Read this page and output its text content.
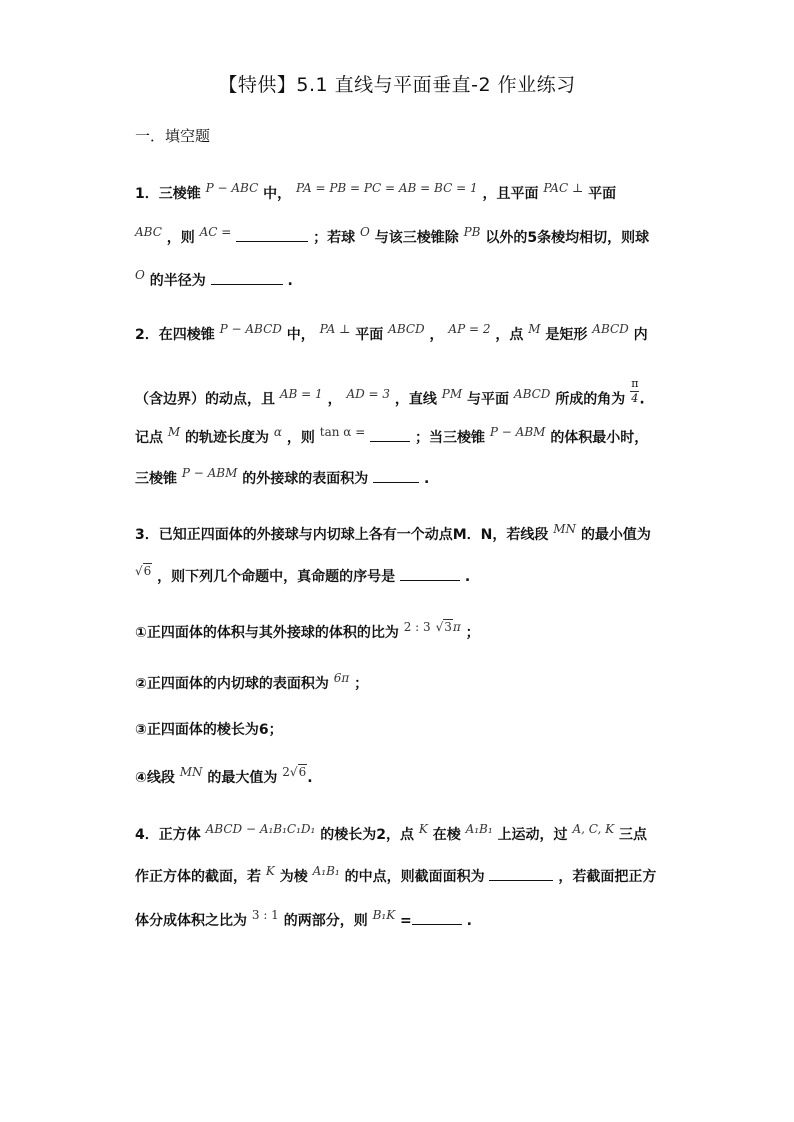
【特供】5.1 直线与平面垂直-2 作业练习
一．填空题
1．三棱锥 P − ABC 中， PA = PB = PC = AB = BC = 1 ，且平面 PAC ⊥ 平面
ABC ，则 AC =	；若球 O 与该三棱锥除 PB 以外的5条棱均相切，则球
O 的半径为	.
2．在四棱锥 P − ABCD 中， PA ⊥ 平面 ABCD ， AP = 2 ，点 M 是矩形 ABCD 内
（含边界）的动点，且 AB = 1 ， AD = 3 ，直线 PM 与平面 ABCD 所成的角为 $\frac{\pi}{4}$ .
记点 M 的轨迹长度为 α ，则 tan α =	；当三棱锥 P − ABM 的体积最小时，
三棱锥 P − ABM 的外接球的表面积为	.
3．已知正四面体的外接球与内切球上各有一个动点M．N，若线段 MN 的最小值为
√6 ，则下列几个命题中，真命题的序号是	.
①正四面体的体积与其外接球的体积的比为 2 : 3 √3π ；
②正四面体的内切球的表面积为 6π ；
③正四面体的棱长为6；
④线段 MN 的最大值为 2√6.
4．正方体 ABCD − A₁B₁C₁D₁ 的棱长为2，点 K 在棱 A₁B₁ 上运动，过 A, C, K 三点
作正方体的截面，若 K 为棱 A₁B₁ 的中点，则截面面积为	，若截面把正方
体分成体积之比为 3 : 1 的两部分，则 B₁K =	.
